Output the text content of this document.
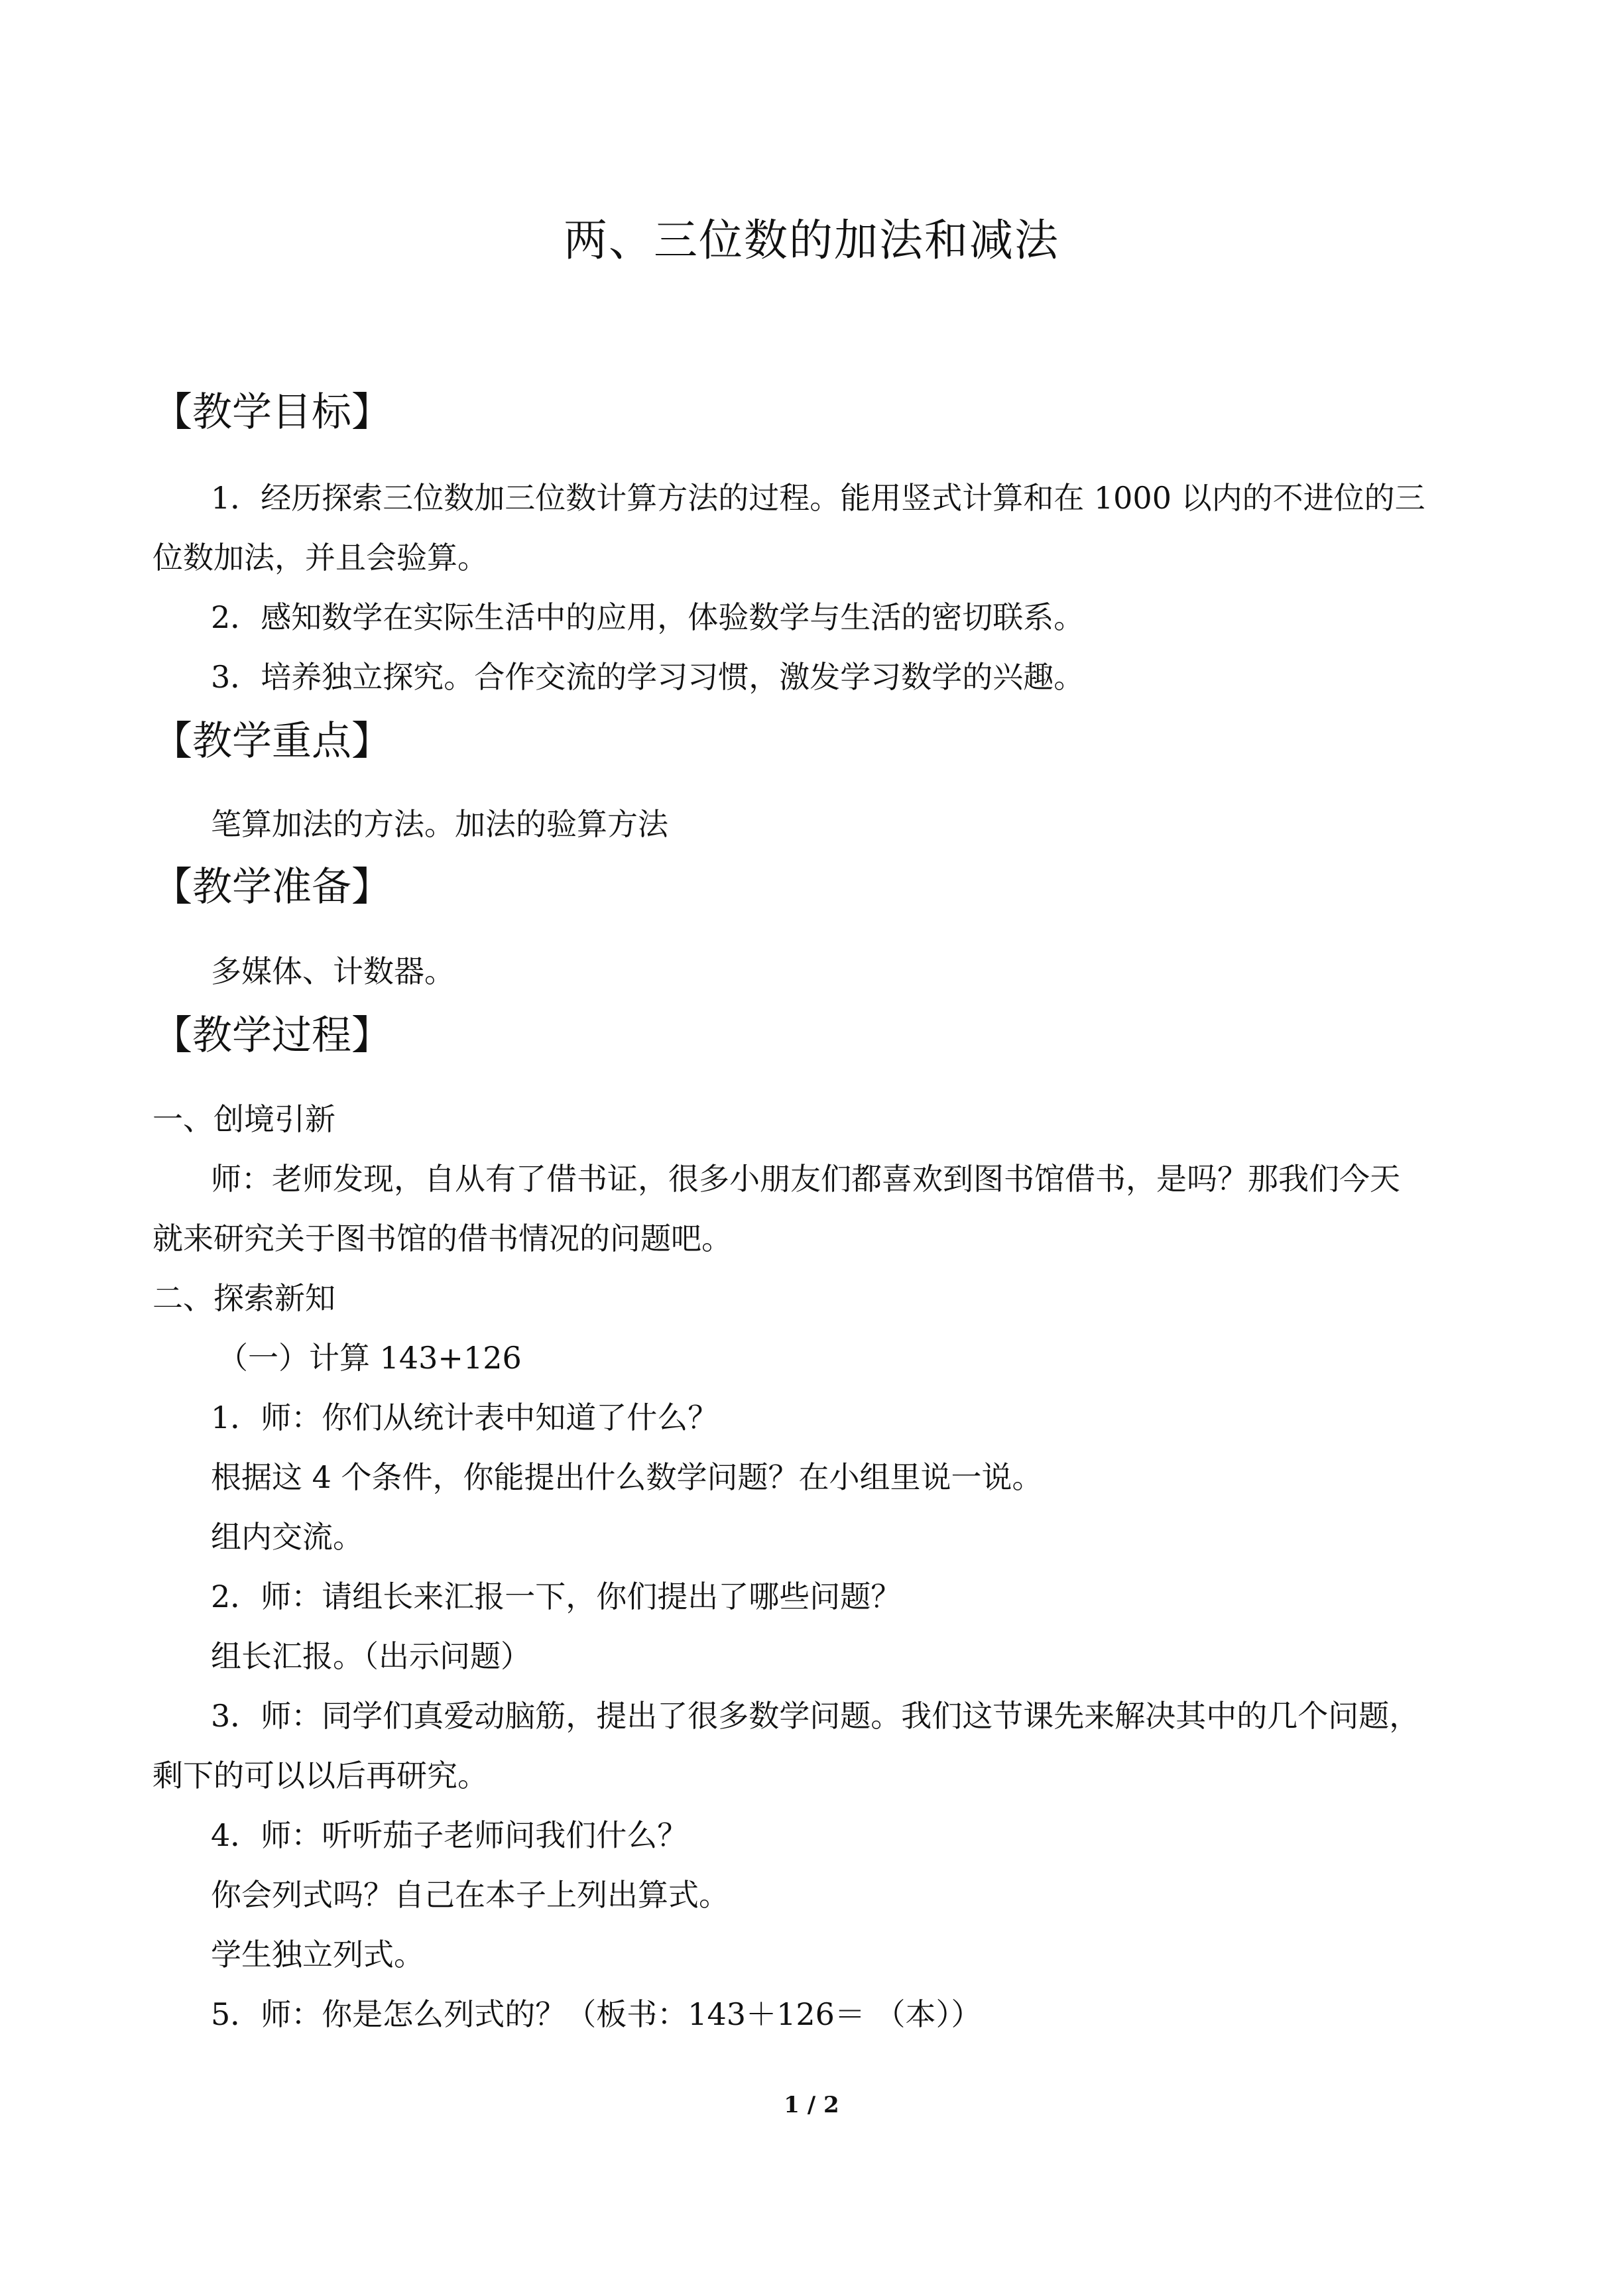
两、三位数的加法和减法
【教学目标】
1．经历探索三位数加三位数计算方法的过程。能用竖式计算和在 1000 以内的不进位的三
位数加法，并且会验算。
2．感知数学在实际生活中的应用，体验数学与生活的密切联系。
3．培养独立探究。合作交流的学习习惯，激发学习数学的兴趣。
【教学重点】
笔算加法的方法。加法的验算方法
【教学准备】
多媒体、计数器。
【教学过程】
一、创境引新
师：老师发现，自从有了借书证，很多小朋友们都喜欢到图书馆借书，是吗？那我们今天
就来研究关于图书馆的借书情况的问题吧。
二、探索新知
（一）计算 143+126
1．师：你们从统计表中知道了什么？
根据这 4 个条件，你能提出什么数学问题？在小组里说一说。
组内交流。
2．师：请组长来汇报一下，你们提出了哪些问题？
组长汇报。（出示问题）
3．师：同学们真爱动脑筋，提出了很多数学问题。我们这节课先来解决其中的几个问题，
剩下的可以以后再研究。
4．师：听听茄子老师问我们什么？
你会列式吗？自己在本子上列出算式。
学生独立列式。
5．师：你是怎么列式的？（板书：143＋126＝ （本））
1 / 2
